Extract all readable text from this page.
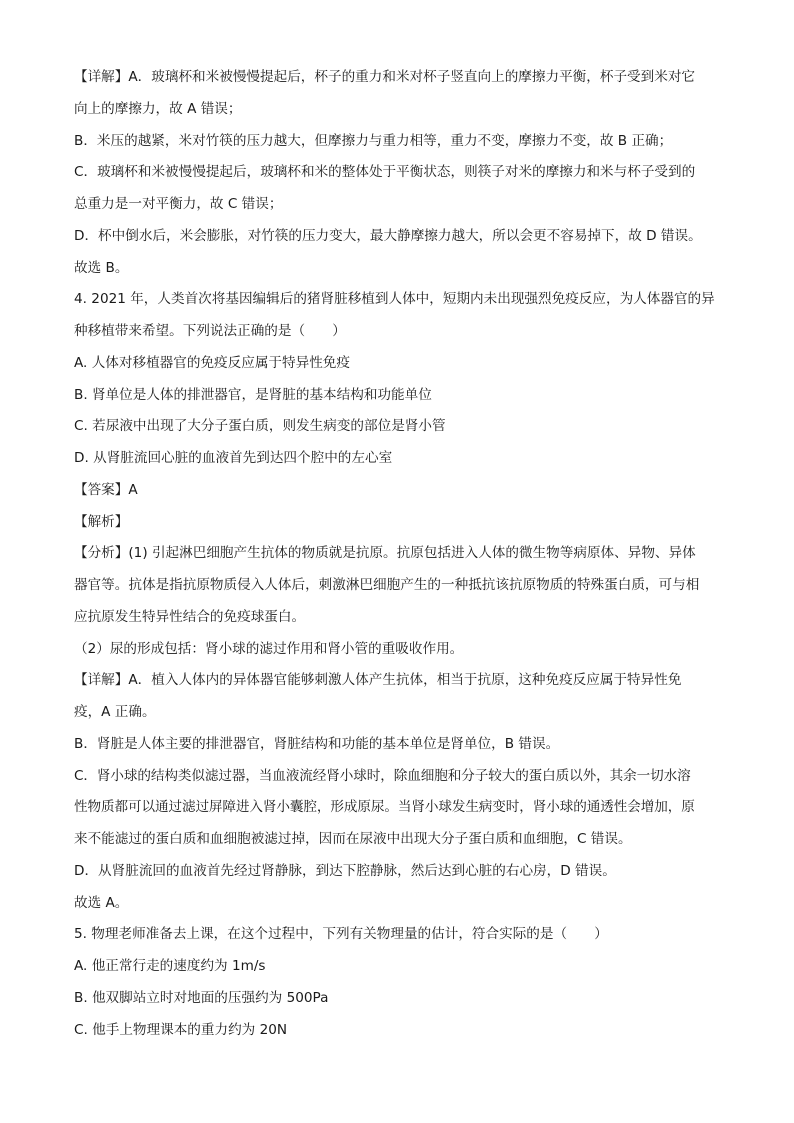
【详解】A．玻璃杯和米被慢慢提起后，杯子的重力和米对杯子竖直向上的摩擦力平衡，杯子受到米对它
向上的摩擦力，故 A 错误；
B．米压的越紧，米对竹筷的压力越大，但摩擦力与重力相等，重力不变，摩擦力不变，故 B 正确；
C．玻璃杯和米被慢慢提起后，玻璃杯和米的整体处于平衡状态，则筷子对米的摩擦力和米与杯子受到的
总重力是一对平衡力，故 C 错误；
D．杯中倒水后，米会膨胀，对竹筷的压力变大，最大静摩擦力越大，所以会更不容易掉下，故 D 错误。
故选 B。
4. 2021 年，人类首次将基因编辑后的猪肾脏移植到人体中，短期内未出现强烈免疫反应，为人体器官的异
种移植带来希望。下列说法正确的是（　　）
A. 人体对移植器官的免疫反应属于特异性免疫
B. 肾单位是人体的排泄器官，是肾脏的基本结构和功能单位
C. 若尿液中出现了大分子蛋白质，则发生病变的部位是肾小管
D. 从肾脏流回心脏的血液首先到达四个腔中的左心室
【答案】A
【解析】
【分析】(1) 引起淋巴细胞产生抗体的物质就是抗原。抗原包括进入人体的微生物等病原体、异物、异体
器官等。抗体是指抗原物质侵入人体后，刺激淋巴细胞产生的一种抵抗该抗原物质的特殊蛋白质，可与相
应抗原发生特异性结合的免疫球蛋白。
（2）尿的形成包括：肾小球的滤过作用和肾小管的重吸收作用。
【详解】A．植入人体内的异体器官能够刺激人体产生抗体，相当于抗原，这种免疫反应属于特异性免
疫，A 正确。
B．肾脏是人体主要的排泄器官，肾脏结构和功能的基本单位是肾单位，B 错误。
C．肾小球的结构类似滤过器，当血液流经肾小球时，除血细胞和分子较大的蛋白质以外，其余一切水溶
性物质都可以通过滤过屏障进入肾小囊腔，形成原尿。当肾小球发生病变时，肾小球的通透性会增加，原
来不能滤过的蛋白质和血细胞被滤过掉，因而在尿液中出现大分子蛋白质和血细胞，C 错误。
D．从肾脏流回的血液首先经过肾静脉，到达下腔静脉，然后达到心脏的右心房，D 错误。
故选 A。
5. 物理老师准备去上课，在这个过程中，下列有关物理量的估计，符合实际的是（　　）
A. 他正常行走的速度约为 1m/s
B. 他双脚站立时对地面的压强约为 500Pa
C. 他手上物理课本的重力约为 20N
